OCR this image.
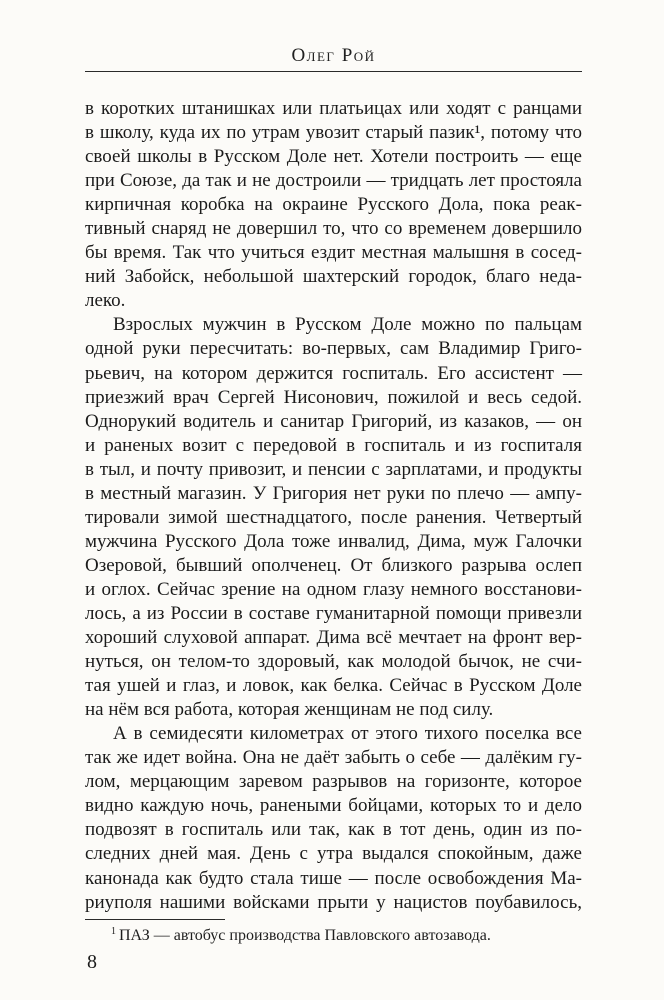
Олег Рой
в коротких штанишках или платьицах или ходят с ранцами
в школу, куда их по утрам увозит старый пазик¹, потому что
своей школы в Русском Доле нет. Хотели построить — еще
при Союзе, да так и не достроили — тридцать лет простояла
кирпичная коробка на окраине Русского Дола, пока реак-
тивный снаряд не довершил то, что со временем довершило
бы время. Так что учиться ездит местная малышня в сосед-
ний Забойск, небольшой шахтерский городок, благо неда-
леко.
Взрослых мужчин в Русском Доле можно по пальцам
одной руки пересчитать: во-первых, сам Владимир Григо-
рьевич, на котором держится госпиталь. Его ассистент —
приезжий врач Сергей Нисонович, пожилой и весь седой.
Однорукий водитель и санитар Григорий, из казаков, — он
и раненых возит с передовой в госпиталь и из госпиталя
в тыл, и почту привозит, и пенсии с зарплатами, и продукты
в местный магазин. У Григория нет руки по плечо — ампу-
тировали зимой шестнадцатого, после ранения. Четвертый
мужчина Русского Дола тоже инвалид, Дима, муж Галочки
Озеровой, бывший ополченец. От близкого разрыва ослеп
и оглох. Сейчас зрение на одном глазу немного восстанови-
лось, а из России в составе гуманитарной помощи привезли
хороший слуховой аппарат. Дима всё мечтает на фронт вер-
нуться, он телом-то здоровый, как молодой бычок, не счи-
тая ушей и глаз, и ловок, как белка. Сейчас в Русском Доле
на нём вся работа, которая женщинам не под силу.
А в семидесяти километрах от этого тихого поселка все
так же идет война. Она не даёт забыть о себе — далёким гу-
лом, мерцающим заревом разрывов на горизонте, которое
видно каждую ночь, ранеными бойцами, которых то и дело
подвозят в госпиталь или так, как в тот день, один из по-
следних дней мая. День с утра выдался спокойным, даже
канонада как будто стала тише — после освобождения Ма-
риуполя нашими войсками прыти у нацистов поубавилось,
$^1$ ПАЗ — автобус производства Павловского автозавода.
8
